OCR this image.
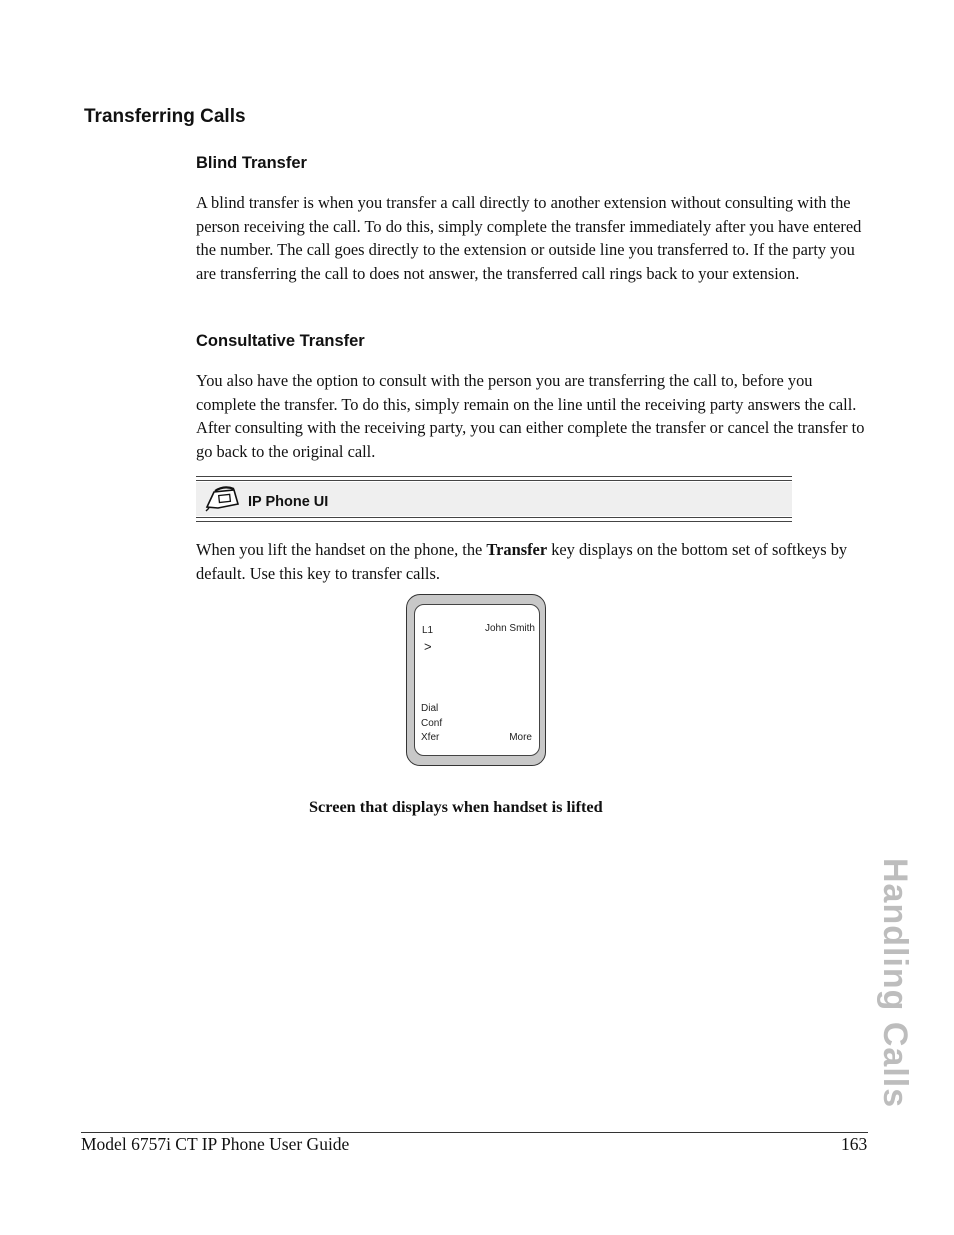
Transferring Calls
Blind Transfer
A blind transfer is when you transfer a call directly to another extension without consulting with the person receiving the call. To do this, simply complete the transfer immediately after you have entered the number. The call goes directly to the extension or outside line you transferred to. If the party you are transferring the call to does not answer, the transferred call rings back to your extension.
Consultative Transfer
You also have the option to consult with the person you are transferring the call to, before you complete the transfer. To do this, simply remain on the line until the receiving party answers the call. After consulting with the receiving party, you can either complete the transfer or cancel the transfer to go back to the original call.
IP Phone UI
When you lift the handset on the phone, the Transfer key displays on the bottom set of softkeys by default. Use this key to transfer calls.
L1	John Smith
>
Dial
Conf
Xfer	More
Screen that displays when handset is lifted
Handling Calls
Model 6757i CT IP Phone User Guide	163
